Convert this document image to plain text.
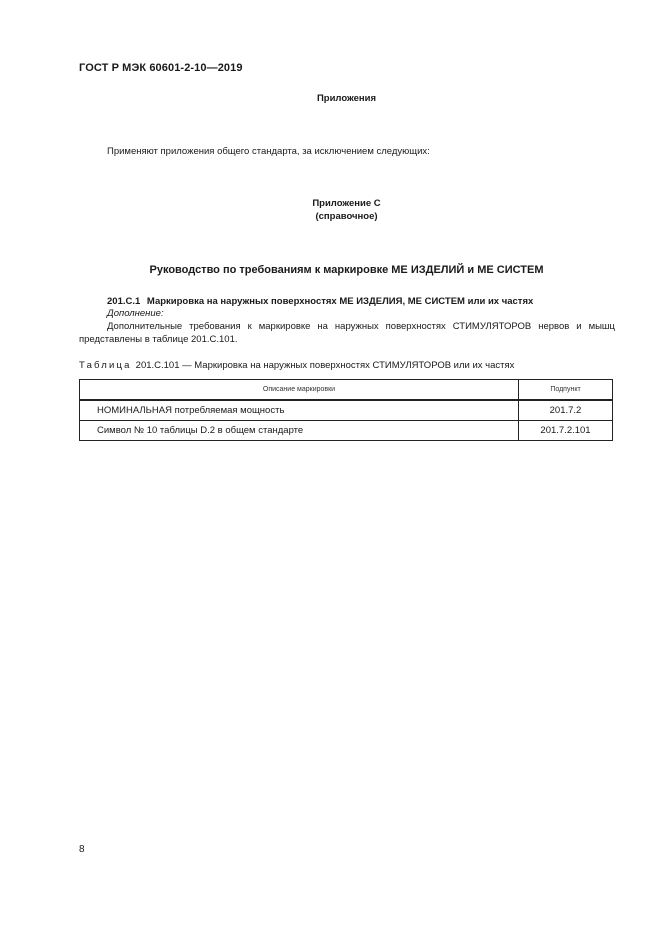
ГОСТ Р МЭК 60601-2-10—2019
Приложения
Применяют приложения общего стандарта, за исключением следующих:
Приложение С
(справочное)
Руководство по требованиям к маркировке МЕ ИЗДЕЛИЙ и МЕ СИСТЕМ
201.С.1 Маркировка на наружных поверхностях МЕ ИЗДЕЛИЯ, МЕ СИСТЕМ или их частях
Дополнение:
Дополнительные требования к маркировке на наружных поверхностях СТИМУЛЯТОРОВ нервов и мышц представлены в таблице 201.С.101.
Таблица 201.С.101 — Маркировка на наружных поверхностях СТИМУЛЯТОРОВ или их частях
Описание маркировки	Подпункт
НОМИНАЛЬНАЯ потребляемая мощность	201.7.2
Символ № 10 таблицы D.2 в общем стандарте	201.7.2.101
8
